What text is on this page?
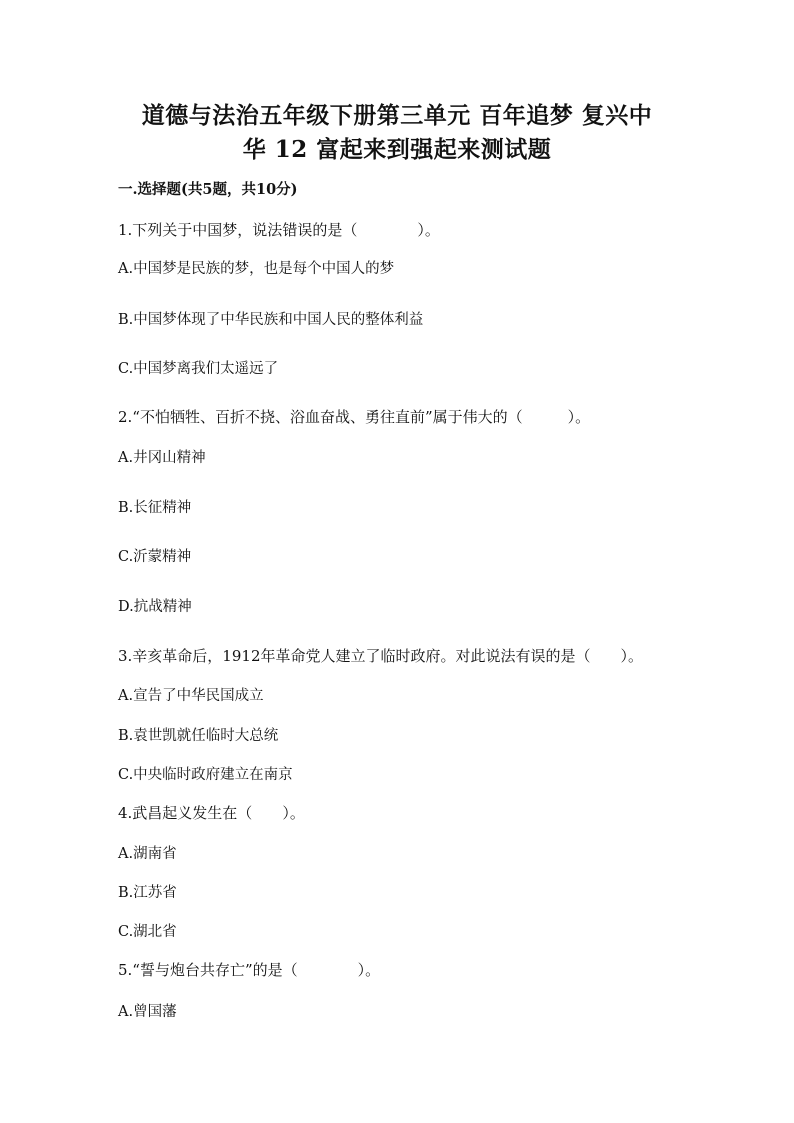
道德与法治五年级下册第三单元 百年追梦 复兴中
华 12 富起来到强起来测试题
一.选择题(共5题，共10分)
1.下列关于中国梦，说法错误的是（　　　　）。
A.中国梦是民族的梦，也是每个中国人的梦
B.中国梦体现了中华民族和中国人民的整体利益
C.中国梦离我们太遥远了
2.“不怕牺牲、百折不挠、浴血奋战、勇往直前”属于伟大的（　　　）。
A.井冈山精神
B.长征精神
C.沂蒙精神
D.抗战精神
3.辛亥革命后，1912年革命党人建立了临时政府。对此说法有误的是（　　）。
A.宣告了中华民国成立
B.袁世凯就任临时大总统
C.中央临时政府建立在南京
4.武昌起义发生在（　　）。
A.湖南省
B.江苏省
C.湖北省
5.“誓与炮台共存亡”的是（　　　　）。
A.曾国藩
